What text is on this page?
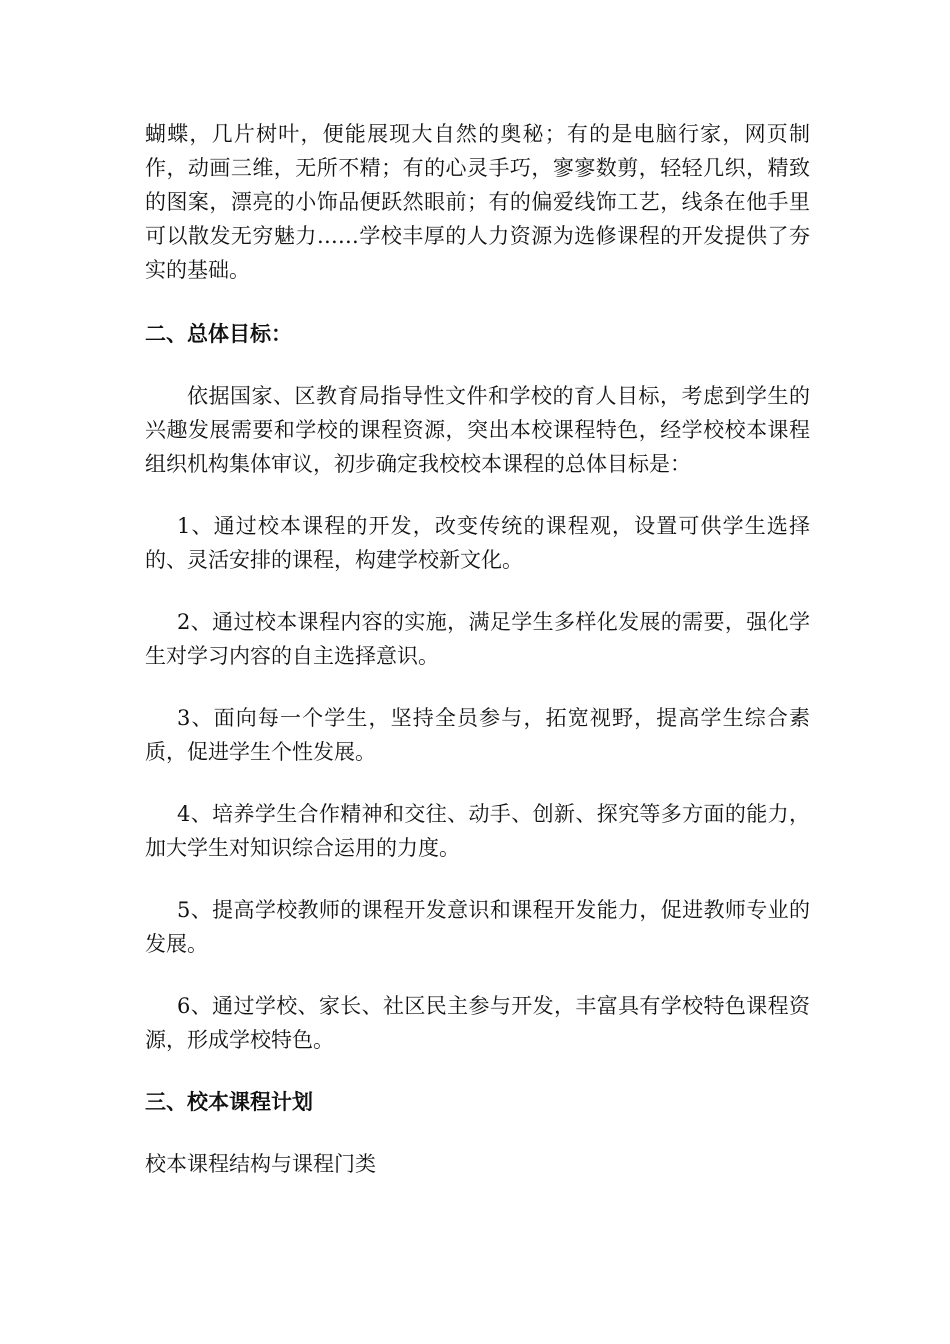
蝴蝶，几片树叶，便能展现大自然的奥秘；有的是电脑行家，网页制作，动画三维，无所不精；有的心灵手巧，寥寥数剪，轻轻几织，精致的图案，漂亮的小饰品便跃然眼前；有的偏爱线饰工艺，线条在他手里可以散发无穷魅力……学校丰厚的人力资源为选修课程的开发提供了夯实的基础。

二、总体目标：

依据国家、区教育局指导性文件和学校的育人目标，考虑到学生的兴趣发展需要和学校的课程资源，突出本校课程特色，经学校校本课程组织机构集体审议，初步确定我校校本课程的总体目标是：

1、通过校本课程的开发，改变传统的课程观，设置可供学生选择的、灵活安排的课程，构建学校新文化。

2、通过校本课程内容的实施，满足学生多样化发展的需要，强化学生对学习内容的自主选择意识。

3、面向每一个学生，坚持全员参与，拓宽视野，提高学生综合素质，促进学生个性发展。

4、培养学生合作精神和交往、动手、创新、探究等多方面的能力，加大学生对知识综合运用的力度。

5、提高学校教师的课程开发意识和课程开发能力，促进教师专业的发展。

6、通过学校、家长、社区民主参与开发，丰富具有学校特色课程资源，形成学校特色。

三、校本课程计划

校本课程结构与课程门类
